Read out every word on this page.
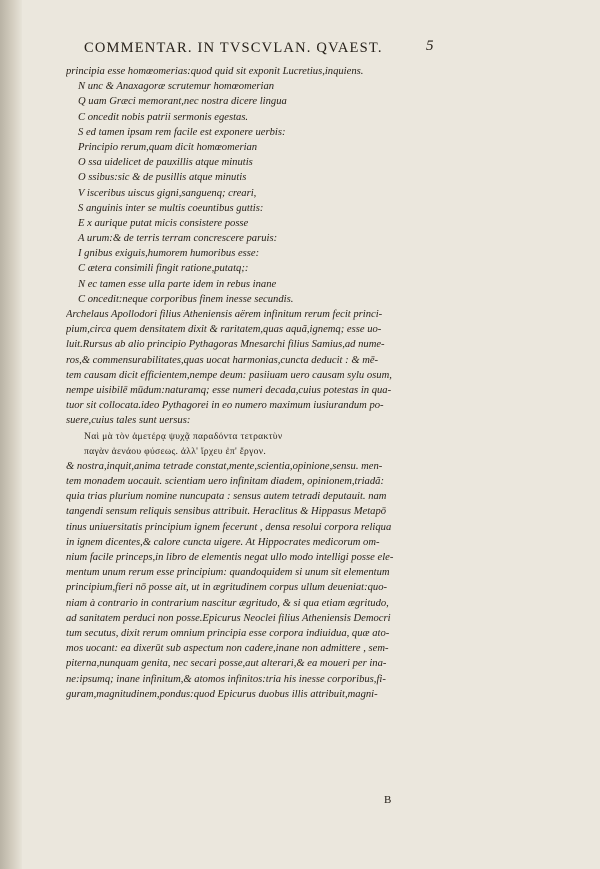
COMMENTAR. IN TVSCVLAN. QVAEST.	5
principia esse homœomerias:quod quid sit exponit Lucretius,inquiens.
N unc & Anaxagoræ scrutemur homœomerian
Q uam Græci memorant,nec nostra dicere lingua
C oncedit nobis patrii sermonis egestas.
S ed tamen ipsam rem facile est exponere uerbis:
Principio rerum,quam dicit homœomerian
O ssa uidelicet de pauxillis atque minutis
O ssibus:sic & de pusillis atque minutis
V isceribus uiscus gigni,sanguenq; creari,
S anguinis inter se multis coeuntibus guttis:
E x aurique putat micis consistere posse
A urum:& de terris terram concrescere paruis:
I gnibus exiguis,humorem humoribus esse:
C ætera consimili fingit ratione,putatq;:
N ec tamen esse ulla parte idem in rebus inane
C oncedit:neque corporibus finem inesse secundis.
Archelaus Apollodori filius Atheniensis aërem infinitum rerum fecit princi-
pium,circa quem densitatem dixit & raritatem,quas aquã,ignemq; esse uo-
luit.Rursus ab alio principio Pythagoras Mnesarchi filius Samius,ad nume-
ros,& commensurabilitates,quas uocat harmonias,cuncta deducit : & mē-
tem causam dicit efficientem,nempe deum: pasiiuam uero causam sylu osum,
nempe uisibilē mūdum:naturamq; esse numeri decada,cuius potestas in qua-
tuor sit collocata.ideo Pythagorei in eo numero maximum iusiurandum po-
suere,cuius tales sunt uersus:
Ναὶ μὰ τὸν ἁμετέρᾳ ψυχᾷ παραδόντα τετρακτὺν
παγὰν ἀενάου φύσεως. ἀλλ' ἴρχευ ἐπ' ἔργον.
& nostra,inquit,anima tetrade constat,mente,scientia,opinione,sensu. men-
tem monadem uocauit. scientiam uero infinitam diadem, opinionem,triadã:
quia trias plurium nomine nuncupata : sensus autem tetradi deputauit. nam
tangendi sensum reliquis sensibus attribuit. Heraclitus & Hippasus Metapō
tinus uniuersitatis principium ignem fecerunt , densa resolui corpora reliqua
in ignem dicentes,& calore cuncta uigere. At Hippocrates medicorum om-
nium facile princeps,in libro de elementis negat ullo modo intelligi posse ele-
mentum unum rerum esse principium: quandoquidem si unum sit elementum
principium,fieri nō posse ait, ut in ægritudinem corpus ullum deueniat:quo-
niam à contrario in contrarium nascitur ægritudo, & si qua etiam ægritudo,
ad sanitatem perduci non posse.Epicurus Neoclei filius Atheniensis Democri
tum secutus, dixit rerum omnium principia esse corpora indiuidua, quæ ato-
mos uocant: ea dixerūt sub aspectum non cadere,inane non admittere , sem-
piterna,nunquam genita, nec secari posse,aut alterari,& ea moueri per ina-
ne:ipsumq; inane infinitum,& atomos infinitos:tria his inesse corporibus,fi-
guram,magnitudinem,pondus:quod Epicurus duobus illis attribuit,magni-
B
